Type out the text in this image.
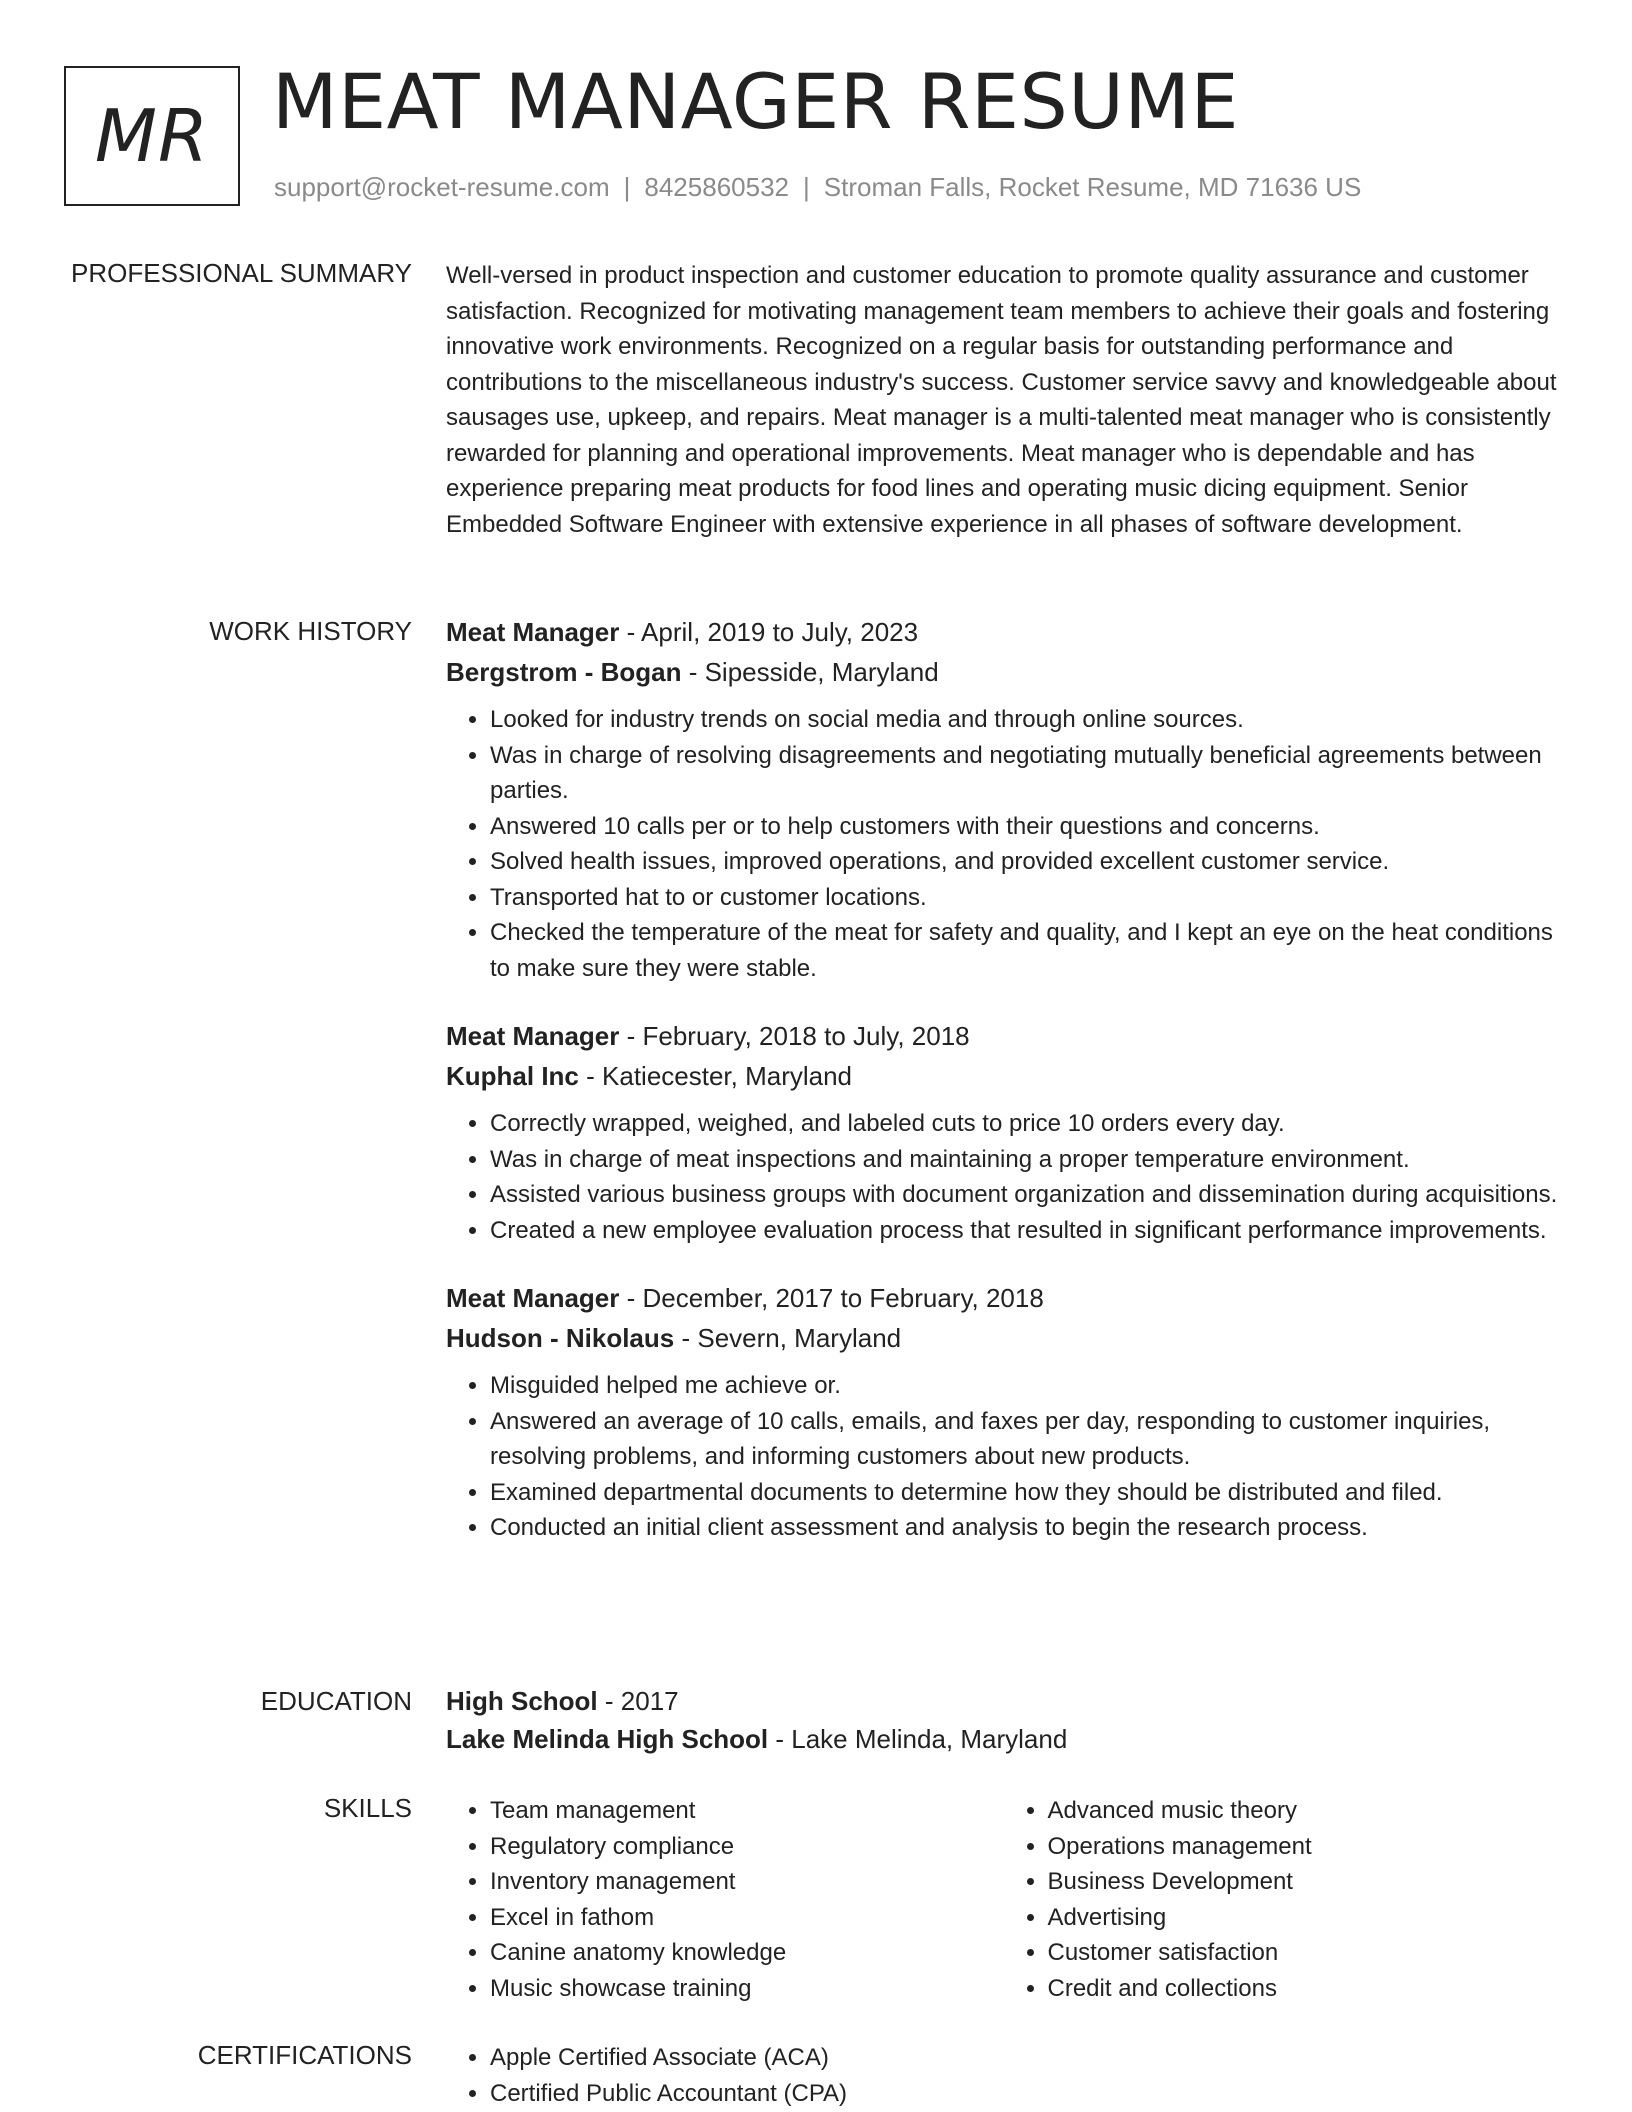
MR MEAT MANAGER RESUME
support@rocket-resume.com | 8425860532 | Stroman Falls, Rocket Resume, MD 71636 US
PROFESSIONAL SUMMARY Well-versed in product inspection and customer education to promote quality assurance and customer satisfaction. Recognized for motivating management team members to achieve their goals and fostering innovative work environments. Recognized on a regular basis for outstanding performance and contributions to the miscellaneous industry's success. Customer service savvy and knowledgeable about sausages use, upkeep, and repairs. Meat manager is a multi-talented meat manager who is consistently rewarded for planning and operational improvements. Meat manager who is dependable and has experience preparing meat products for food lines and operating music dicing equipment. Senior Embedded Software Engineer with extensive experience in all phases of software development.

WORK HISTORY Meat Manager - April, 2019 to July, 2023
Bergstrom - Bogan - Sipesside, Maryland
• Looked for industry trends on social media and through online sources.
• Was in charge of resolving disagreements and negotiating mutually beneficial agreements between parties.
• Answered 10 calls per or to help customers with their questions and concerns.
• Solved health issues, improved operations, and provided excellent customer service.
• Transported hat to or customer locations.
• Checked the temperature of the meat for safety and quality, and I kept an eye on the heat conditions to make sure they were stable.
Meat Manager - February, 2018 to July, 2018
Kuphal Inc - Katiecester, Maryland
• Correctly wrapped, weighed, and labeled cuts to price 10 orders every day.
• Was in charge of meat inspections and maintaining a proper temperature environment.
• Assisted various business groups with document organization and dissemination during acquisitions.
• Created a new employee evaluation process that resulted in significant performance improvements.
Meat Manager - December, 2017 to February, 2018
Hudson - Nikolaus - Severn, Maryland
• Misguided helped me achieve or.
• Answered an average of 10 calls, emails, and faxes per day, responding to customer inquiries, resolving problems, and informing customers about new products.
• Examined departmental documents to determine how they should be distributed and filed.
• Conducted an initial client assessment and analysis to begin the research process.
EDUCATION High School - 2017
Lake Melinda High School - Lake Melinda, Maryland
SKILLS	• Team management
• Regulatory compliance
• Inventory management
• Excel in fathom
• Canine anatomy knowledge
• Music showcase training
• Advanced music theory
• Operations management
• Business Development
• Advertising
• Customer satisfaction
• Credit and collections
CERTIFICATIONS	• Apple Certified Associate (ACA)
• Certified Public Accountant (CPA)
